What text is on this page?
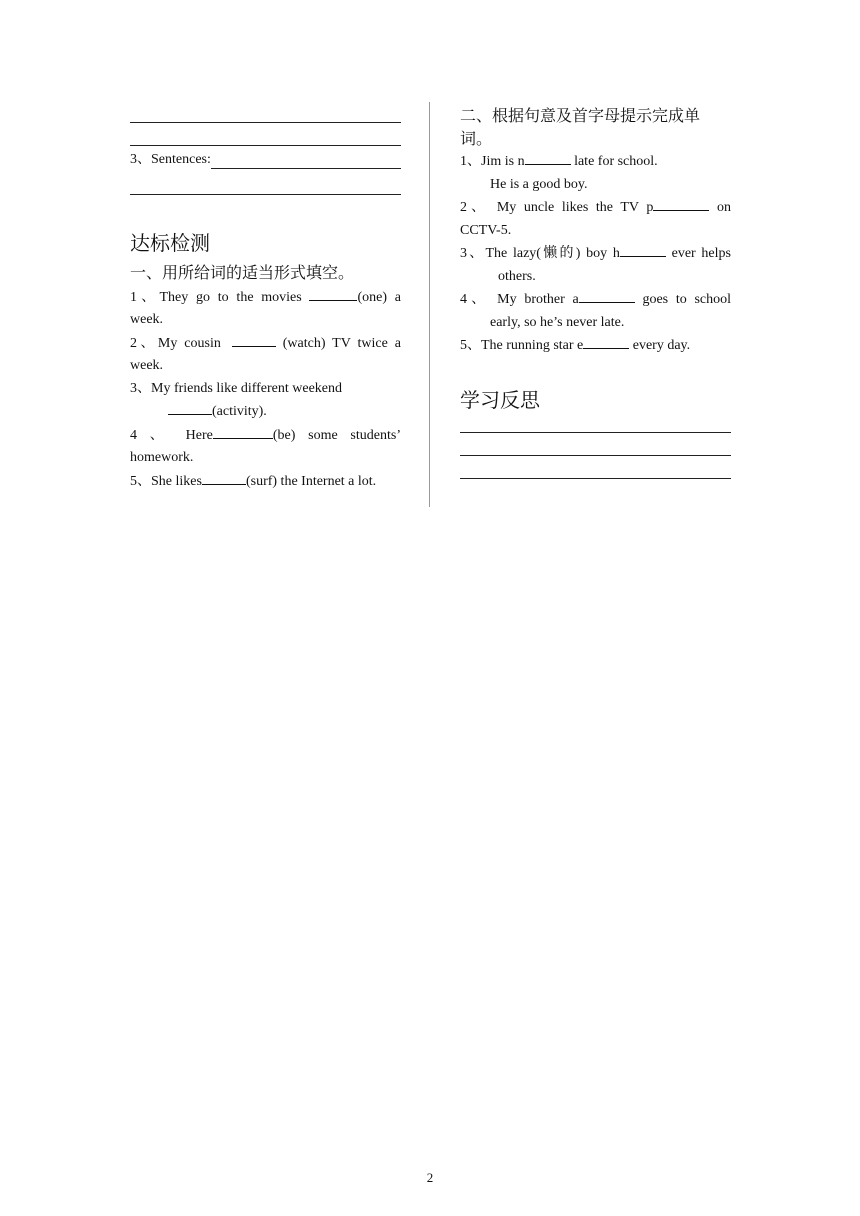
3、Sentences:

达标检测

一、用所给词的适当形式填空。

1、They go to the movies	(one) a

week.

2、My cousin	(watch) TV twice a

week.

3、My friends like different weekend

(activity).

4 、 Here	(be) some students’

homework.

5、She likes	(surf) the Internet a lot.

二、根据句意及首字母提示完成单

词。

1、Jim is n	late for school.

He is a good boy.

2、 My uncle likes the TV p	on

CCTV-5.

3、The lazy(懒的) boy h	ever helps

others.

4、 My brother a	goes to school

early, so he’s never late.

5、The running star e	every day.

学习反思

2
